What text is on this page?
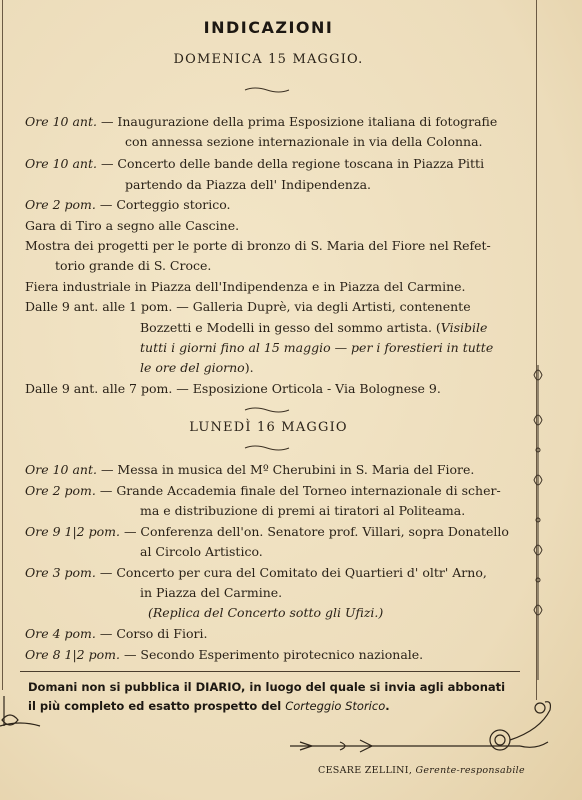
INDICAZIONI
DOMENICA 15 MAGGIO.
Ore 10 ant. — Inaugurazione della prima Esposizione italiana di fotografie
con annessa sezione internazionale in via della Colonna.
Ore 10 ant. — Concerto delle bande della regione toscana in Piazza Pitti
partendo da Piazza dell' Indipendenza.
Ore 2 pom. — Corteggio storico.
Gara di Tiro a segno alle Cascine.
Mostra dei progetti per le porte di bronzo di S. Maria del Fiore nel Refet-
torio grande di S. Croce.
Fiera industriale in Piazza dell'Indipendenza e in Piazza del Carmine.
Dalle 9 ant. alle 1 pom. — Galleria Duprè, via degli Artisti, contenente
Bozzetti e Modelli in gesso del sommo artista. (Visibile
tutti i giorni fino al 15 maggio — per i forestieri in tutte
le ore del giorno).
Dalle 9 ant. alle 7 pom. — Esposizione Orticola - Via Bolognese 9.
LUNEDÌ 16 MAGGIO
Ore 10 ant. — Messa in musica del Mº Cherubini in S. Maria del Fiore.
Ore 2 pom. — Grande Accademia finale del Torneo internazionale di scher-
ma e distribuzione di premi ai tiratori al Politeama.
Ore 9 1|2 pom. — Conferenza dell'on. Senatore prof. Villari, sopra Donatello
al Circolo Artistico.
Ore 3 pom. — Concerto per cura del Comitato dei Quartieri d' oltr' Arno,
in Piazza del Carmine.
(Replica del Concerto sotto gli Ufizi.)
Ore 4 pom. — Corso di Fiori.
Ore 8 1|2 pom. — Secondo Esperimento pirotecnico nazionale.
Domani non si pubblica il DIARIO, in luogo del quale si invia agli abbonati
il più completo ed esatto prospetto del Corteggio Storico.
CESARE ZELLINI, Gerente-responsabile
